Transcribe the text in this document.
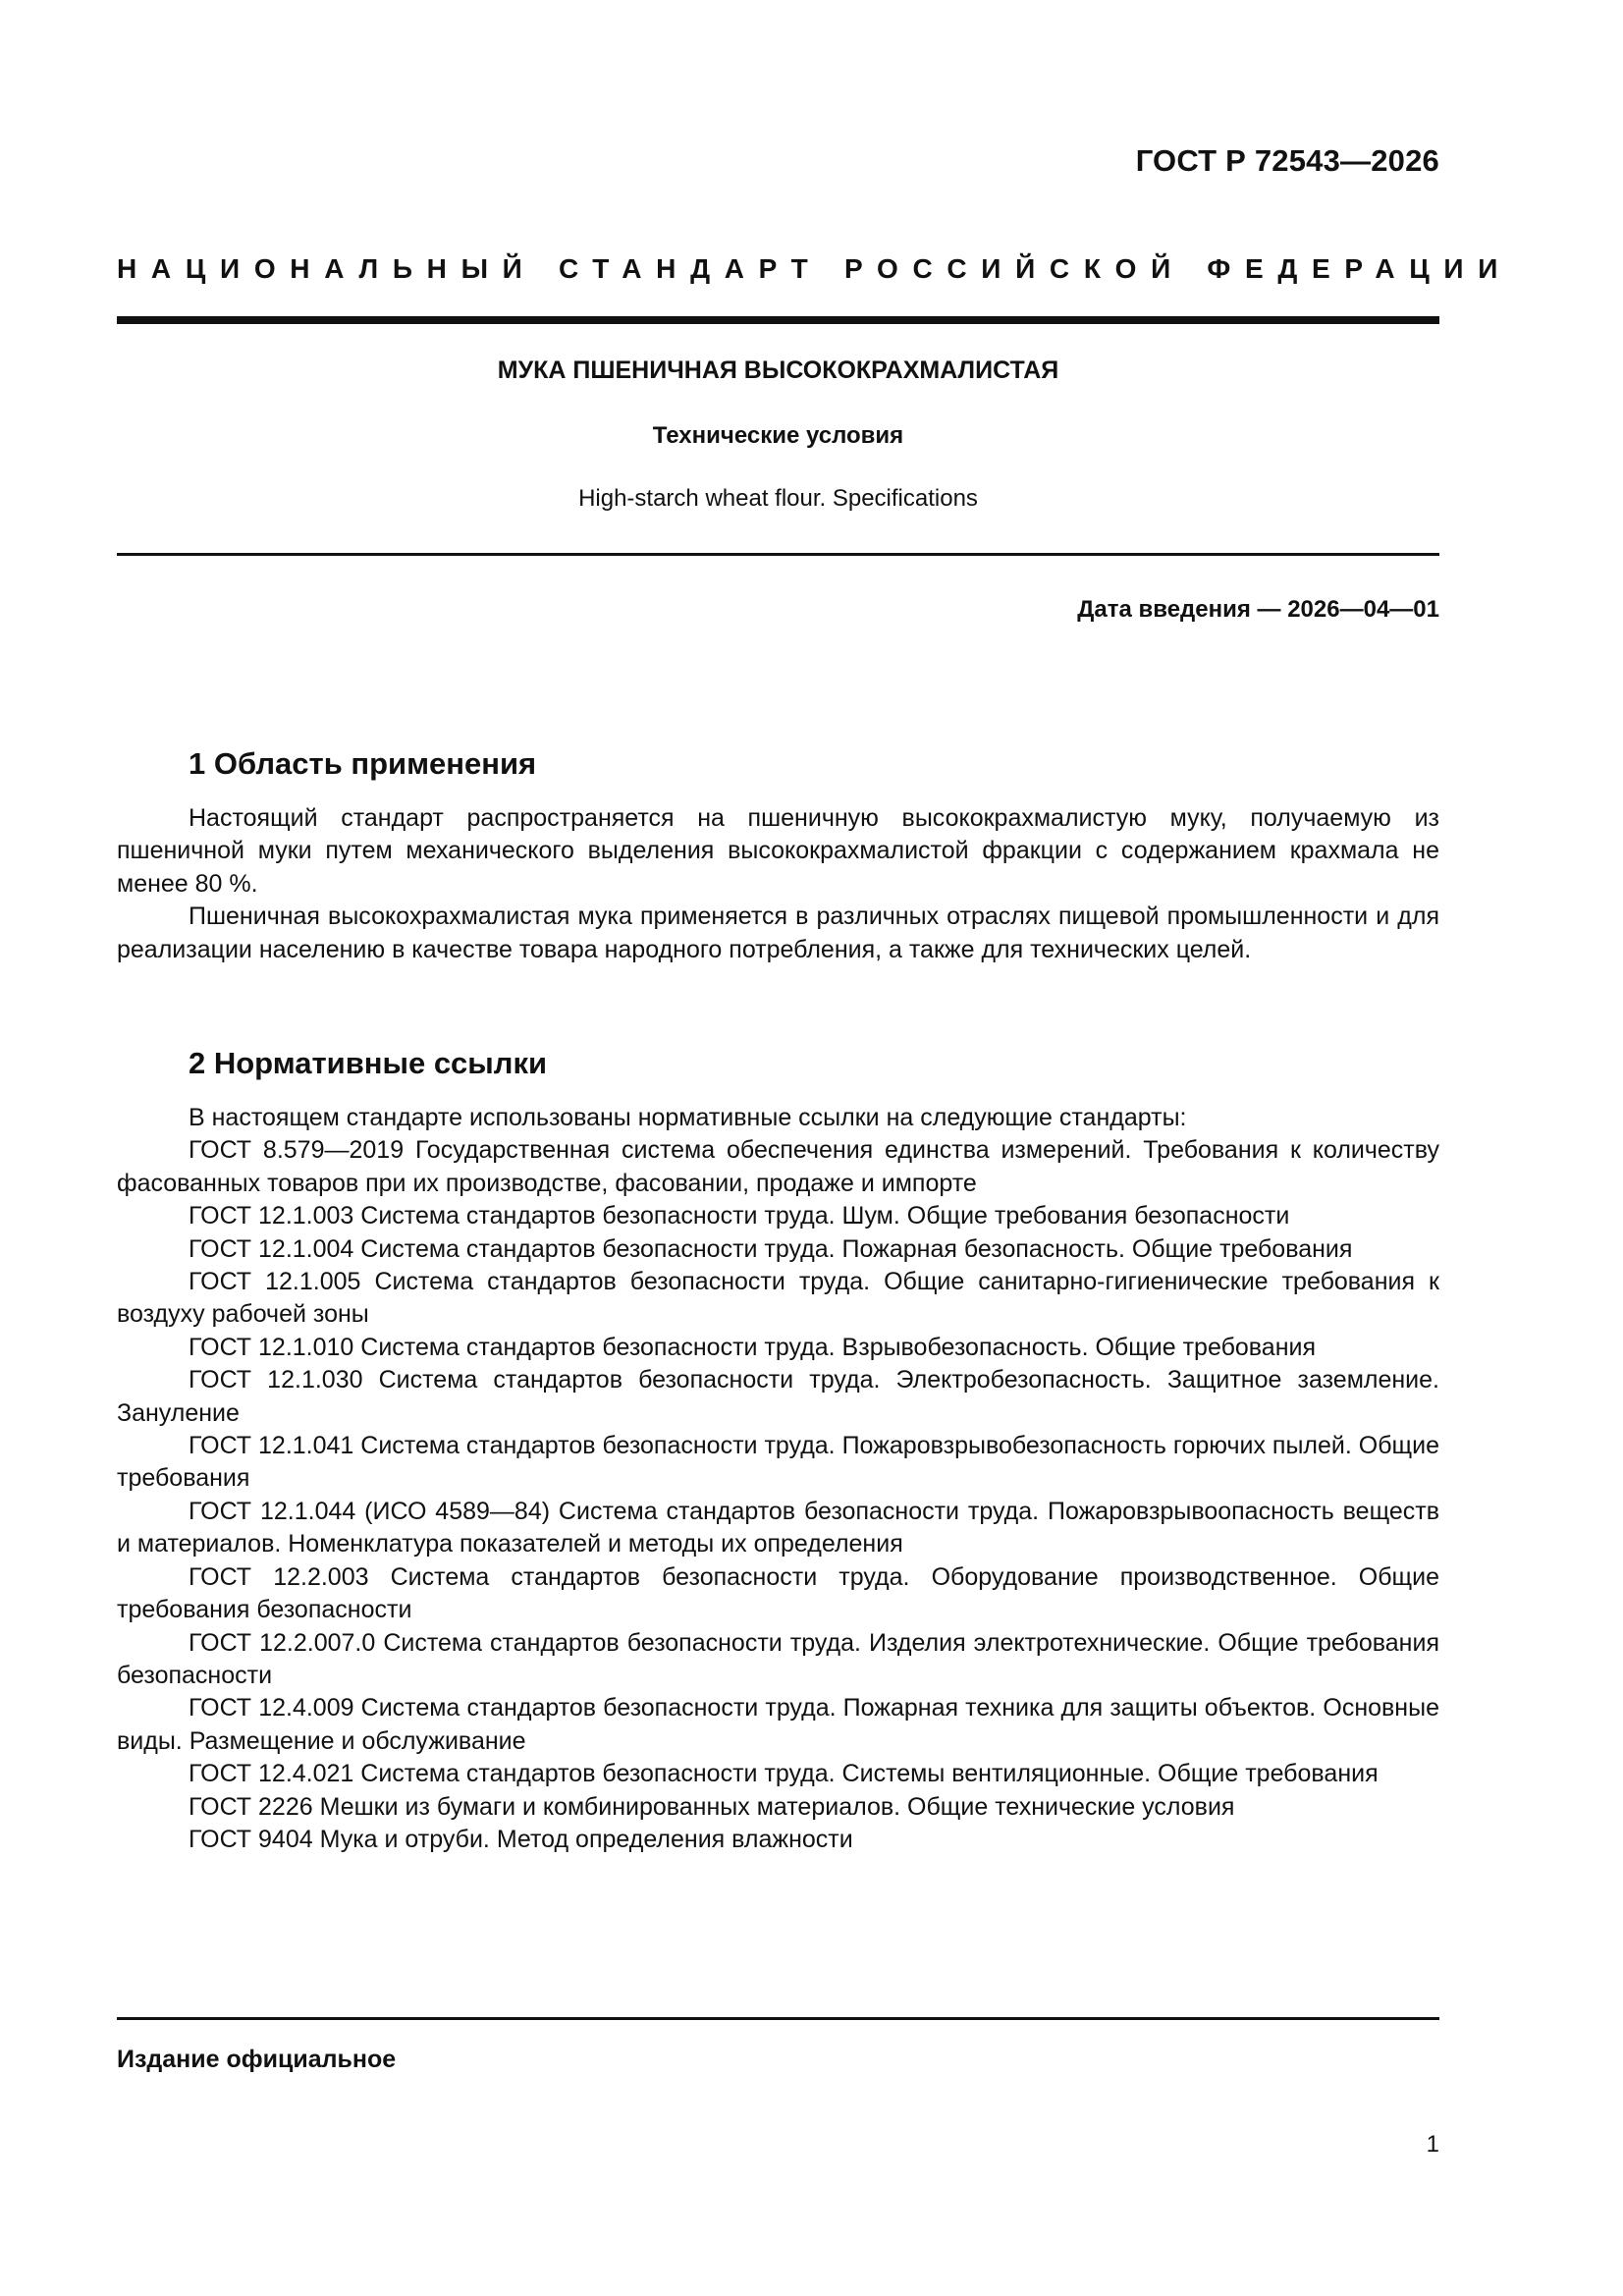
ГОСТ Р 72543—2026
НАЦИОНАЛЬНЫЙ СТАНДАРТ РОССИЙСКОЙ ФЕДЕРАЦИИ
МУКА ПШЕНИЧНАЯ ВЫСОКОКРАХМАЛИСТАЯ
Технические условия
High-starch wheat flour. Specifications
Дата введения — 2026—04—01
1 Область применения

Настоящий стандарт распространяется на пшеничную высококрахмалистую муку, получаемую из пшеничной муки путем механического выделения высококрахмалистой фракции с содержанием крахмала не менее 80 %.

Пшеничная высокохрахмалистая мука применяется в различных отраслях пищевой промышленности и для реализации населению в качестве товара народного потребления, а также для технических целей.

2 Нормативные ссылки

В настоящем стандарте использованы нормативные ссылки на следующие стандарты:

ГОСТ 8.579—2019 Государственная система обеспечения единства измерений. Требования к количеству фасованных товаров при их производстве, фасовании, продаже и импорте

ГОСТ 12.1.003 Система стандартов безопасности труда. Шум. Общие требования безопасности

ГОСТ 12.1.004 Система стандартов безопасности труда. Пожарная безопасность. Общие требования

ГОСТ 12.1.005 Система стандартов безопасности труда. Общие санитарно-гигиенические требования к воздуху рабочей зоны

ГОСТ 12.1.010 Система стандартов безопасности труда. Взрывобезопасность. Общие требования

ГОСТ 12.1.030 Система стандартов безопасности труда. Электробезопасность. Защитное заземление. Зануление

ГОСТ 12.1.041 Система стандартов безопасности труда. Пожаровзрывобезопасность горючих пылей. Общие требования

ГОСТ 12.1.044 (ИСО 4589—84) Система стандартов безопасности труда. Пожаровзрывоопасность веществ и материалов. Номенклатура показателей и методы их определения

ГОСТ 12.2.003 Система стандартов безопасности труда. Оборудование производственное. Общие требования безопасности

ГОСТ 12.2.007.0 Система стандартов безопасности труда. Изделия электротехнические. Общие требования безопасности

ГОСТ 12.4.009 Система стандартов безопасности труда. Пожарная техника для защиты объектов. Основные виды. Размещение и обслуживание

ГОСТ 12.4.021 Система стандартов безопасности труда. Системы вентиляционные. Общие требования

ГОСТ 2226 Мешки из бумаги и комбинированных материалов. Общие технические условия

ГОСТ 9404 Мука и отруби. Метод определения влажности

Издание официальное
1
